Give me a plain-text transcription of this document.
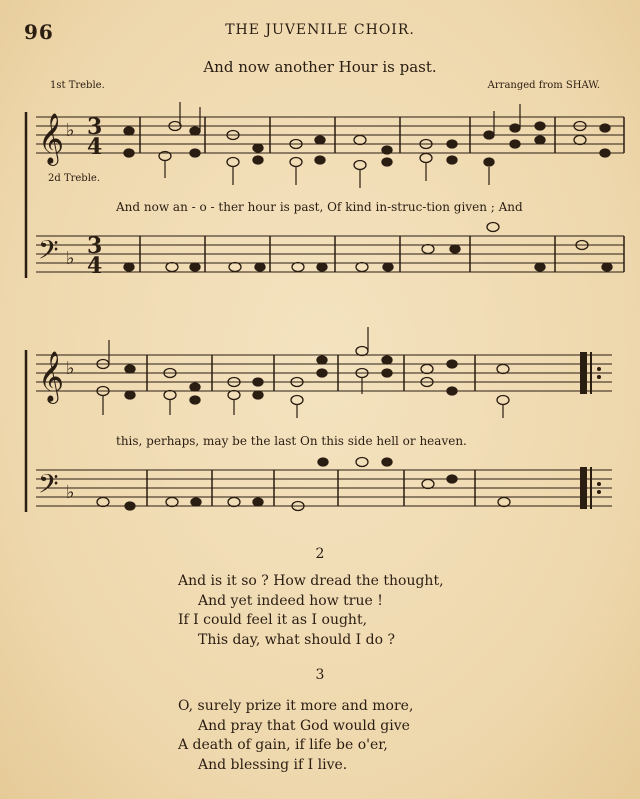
96	THE JUVENILE CHOIR.
And now another Hour is past.
1st Treble.	Arranged from SHAW.
𝄞
𝄢
𝄞
𝄢
♭
♭
♭
♭
3
4
3
4
2d Treble.
And now an - o - ther hour is past, Of kind in-struc-tion given ; And
this, perhaps, may be the last On this side hell or heaven.
2
And is it so ? How dread the thought,
And yet indeed how true !
If I could feel it as I ought,
This day, what should I do ?
3
O, surely prize it more and more,
And pray that God would give
A death of gain, if life be o'er,
And blessing if I live.
